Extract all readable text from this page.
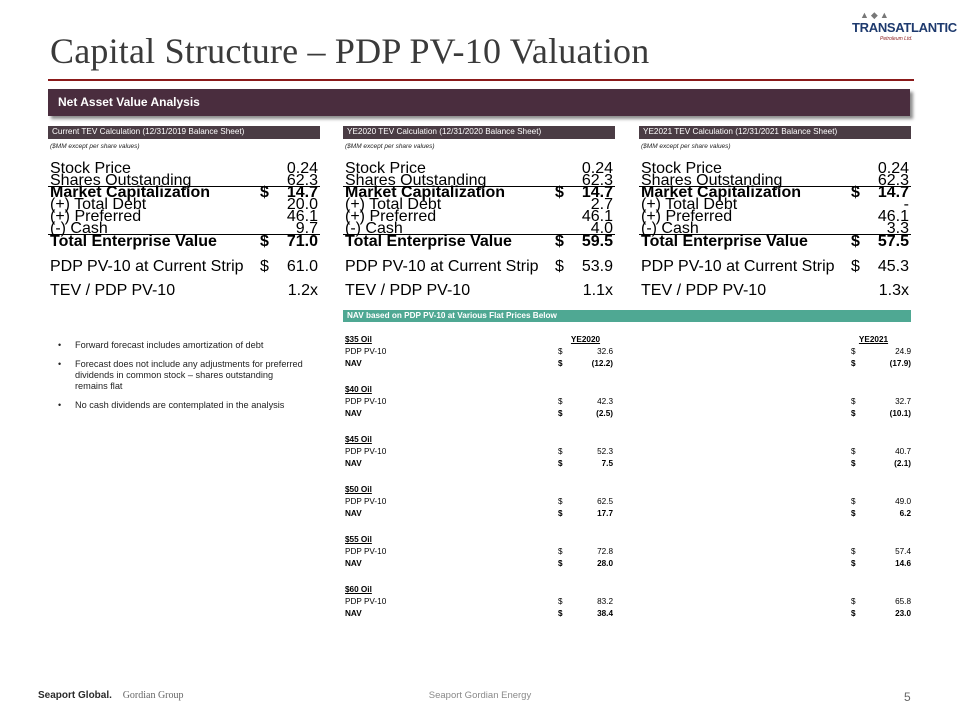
Capital Structure – PDP PV-10 Valuation
▲◆▲
TRANSATLANTIC
Petroleum Ltd.
Net Asset Value Analysis
Current TEV Calculation (12/31/2019 Balance Sheet)
($MM except per share values)
Stock Price	0.24
Shares Outstanding	62.3
Market Capitalization	$ 14.7
(+) Total Debt	20.0
(+) Preferred	46.1
(-) Cash	9.7
Total Enterprise Value	$ 71.0
PDP PV-10 at Current Strip $ 61.0
TEV / PDP PV-10	1.2x
YE2020 TEV Calculation (12/31/2020 Balance Sheet)
($MM except per share values)
Stock Price	0.24
Shares Outstanding	62.3
Market Capitalization	$ 14.7
(+) Total Debt	2.7
(+) Preferred	46.1
(-) Cash	4.0
Total Enterprise Value	$ 59.5
PDP PV-10 at Current Strip $ 53.9
TEV / PDP PV-10	1.1x
YE2021 TEV Calculation (12/31/2021 Balance Sheet)
($MM except per share values)
Stock Price	0.24
Shares Outstanding	62.3
Market Capitalization	$ 14.7
(+) Total Debt	-
(+) Preferred	46.1
(-) Cash	3.3
Total Enterprise Value	$ 57.5
PDP PV-10 at Current Strip $ 45.3
TEV / PDP PV-10	1.3x
NAV based on PDP PV-10 at Various Flat Prices Below
$35 Oil	YE2020	YE2021
PDP PV-10	$	32.6	$	24.9
NAV	$	(12.2)	$	(17.9)
$40 Oil
PDP PV-10	$	42.3	$	32.7
NAV	$	(2.5)	$	(10.1)
$45 Oil
PDP PV-10	$	52.3	$	40.7
NAV	$	7.5	$	(2.1)
$50 Oil
PDP PV-10	$	62.5	$	49.0
NAV	$	17.7	$	6.2
$55 Oil
PDP PV-10	$	72.8	$	57.4
NAV	$	28.0	$	14.6
$60 Oil
PDP PV-10	$	83.2	$	65.8
NAV	$	38.4	$	23.0
• Forward forecast includes amortization of debt
• Forecast does not include any adjustments for preferred dividends in common stock – shares outstanding remains flat
• No cash dividends are contemplated in the analysis
Seaport Global. Gordian Group	Seaport Gordian Energy	5
